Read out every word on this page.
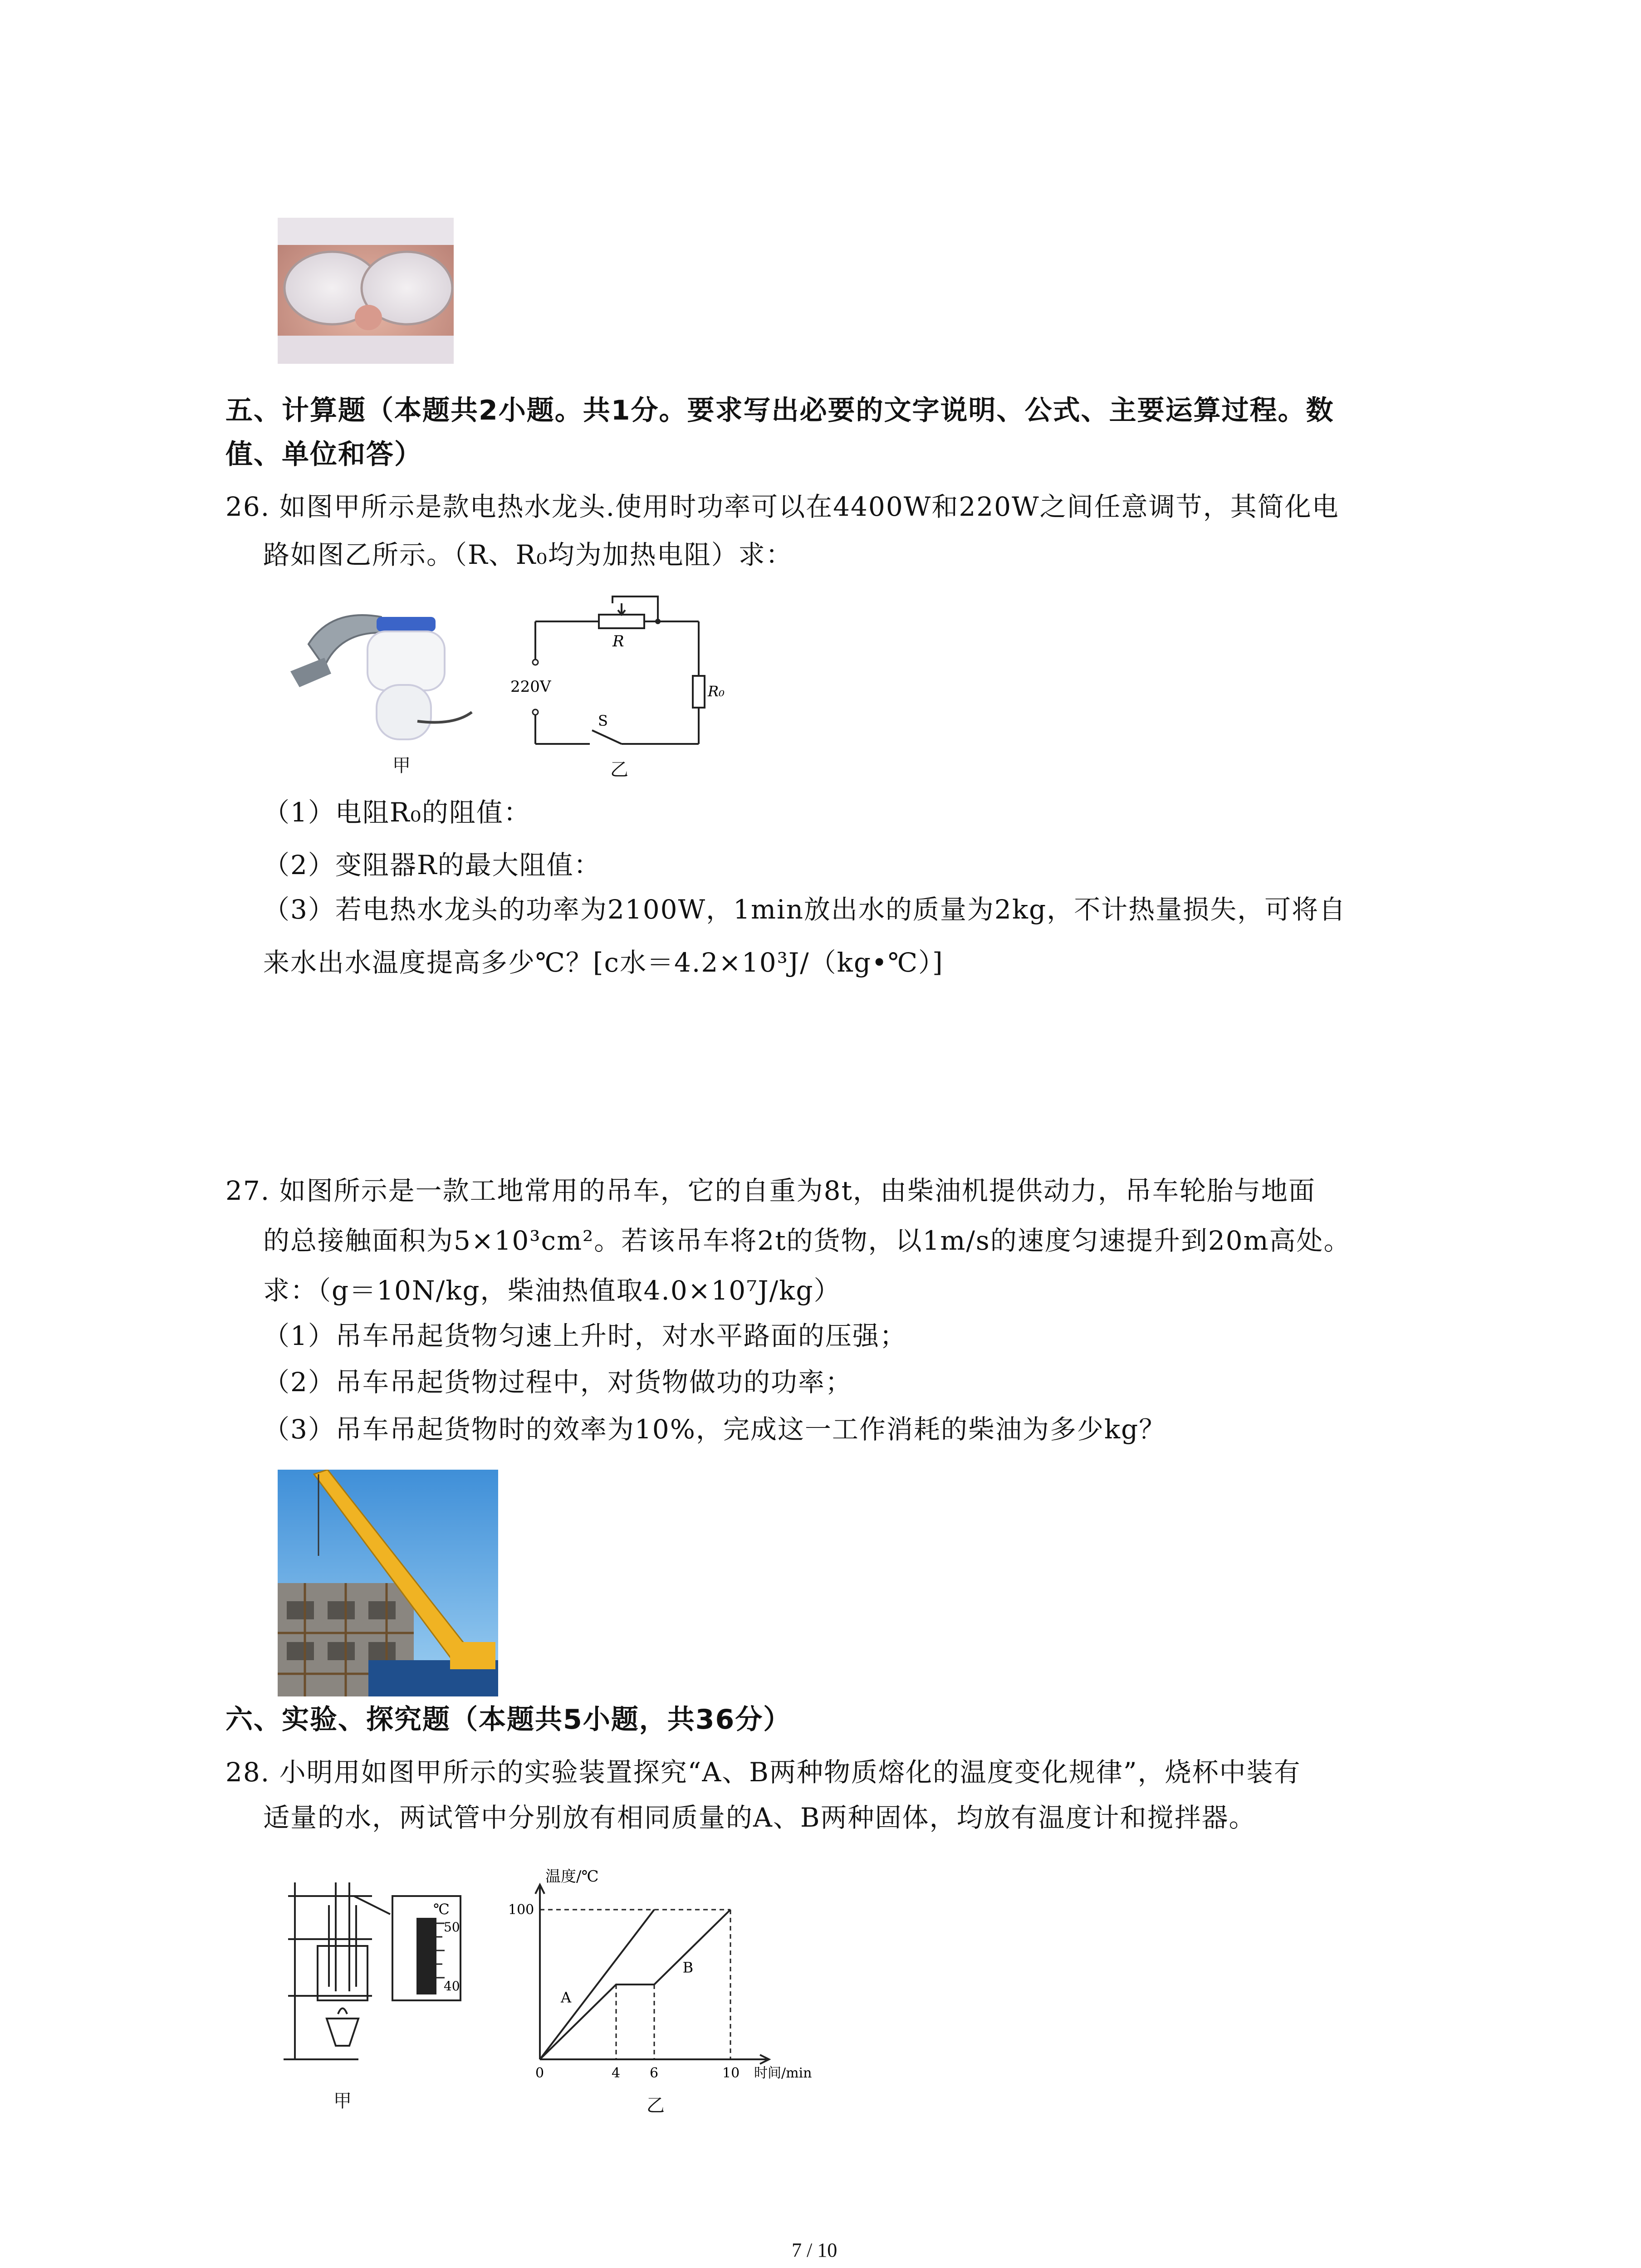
五、计算题（本题共2小题。共1分。要求写出必要的文字说明、公式、主要运算过程。数
值、单位和答）
26. 如图甲所示是款电热水龙头.使用时功率可以在4400W和220W之间任意调节，其简化电
路如图乙所示。（R、R₀均为加热电阻）求：
甲
R
220V	R₀
S
乙
（1）电阻R₀的阻值：
（2）变阻器R的最大阻值：
（3）若电热水龙头的功率为2100W，1min放出水的质量为2kg，不计热量损失，可将自
来水出水温度提高多少℃？[c水＝4.2×10³J/（kg•℃）]
27. 如图所示是一款工地常用的吊车，它的自重为8t，由柴油机提供动力，吊车轮胎与地面
的总接触面积为5×10³cm²。若该吊车将2t的货物，以1m/s的速度匀速提升到20m高处。
求：（g＝10N/kg，柴油热值取4.0×10⁷J/kg）
（1）吊车吊起货物匀速上升时，对水平路面的压强；
（2）吊车吊起货物过程中，对货物做功的功率；
（3）吊车吊起货物时的效率为10%，完成这一工作消耗的柴油为多少kg？
六、实验、探究题（本题共5小题，共36分）
28. 小明用如图甲所示的实验装置探究“A、B两种物质熔化的温度变化规律”，烧杯中装有
适量的水，两试管中分别放有相同质量的A、B两种固体，均放有温度计和搅拌器。
℃
50
40
甲
温度/℃
时间/min
A
B
0	4 6	10
100
乙
7 / 10
